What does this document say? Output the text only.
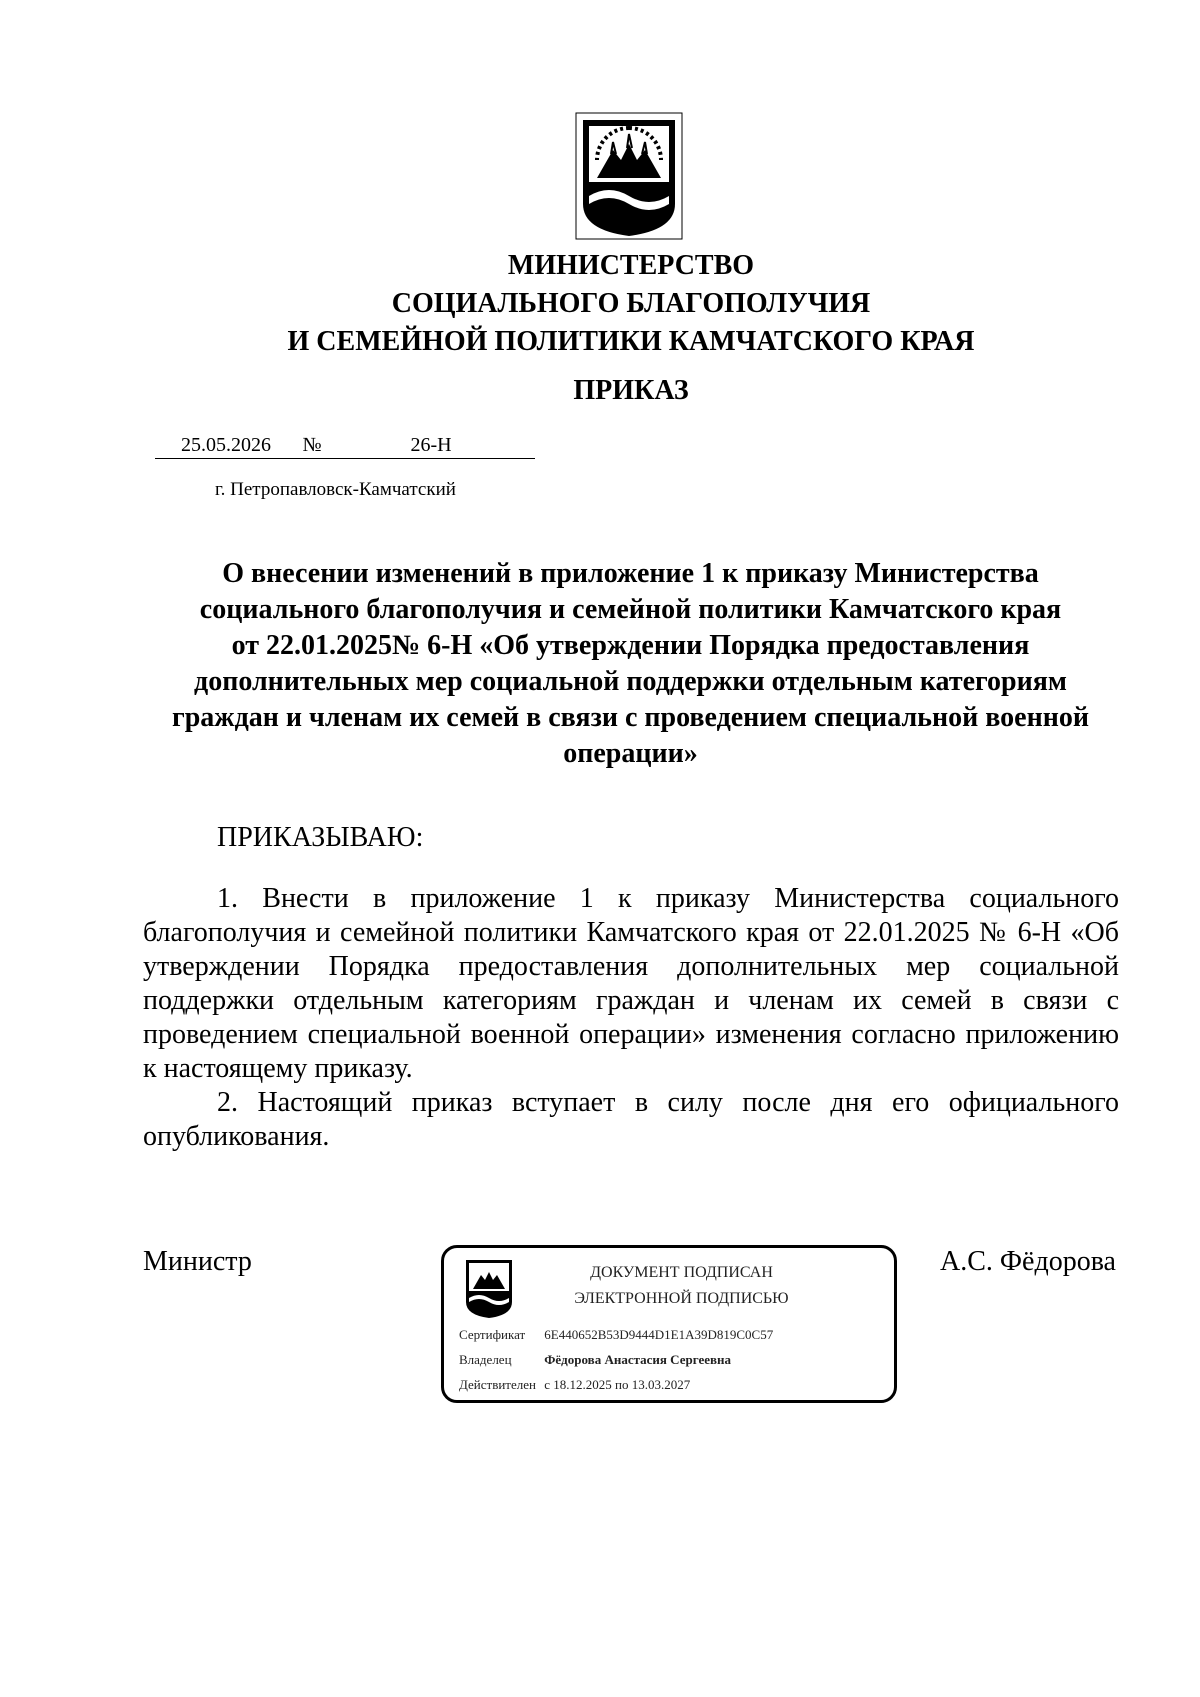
МИНИСТЕРСТВО
СОЦИАЛЬНОГО БЛАГОПОЛУЧИЯ
И СЕМЕЙНОЙ ПОЛИТИКИ КАМЧАТСКОГО КРАЯ
ПРИКАЗ
25.05.2026 №	26-Н
г. Петропавловск-Камчатский
О внесении изменений в приложение 1 к приказу Министерства
социального благополучия и семейной политики Камчатского края
от 22.01.2025№ 6-Н «Об утверждении Порядка предоставления
дополнительных мер социальной поддержки отдельным категориям
граждан и членам их семей в связи с проведением специальной военной
операции»
ПРИКАЗЫВАЮ:

1. Внести в приложение 1 к приказу Министерства социального благополучия и семейной политики Камчатского края от 22.01.2025 № 6-Н «Об утверждении Порядка предоставления дополнительных мер социальной поддержки отдельным категориям граждан и членам их семей в связи с проведением специальной военной операции» изменения согласно приложению к настоящему приказу.

2. Настоящий приказ вступает в силу после дня его официального опубликования.

Министр	ДОКУМЕНТ ПОДПИСАН
ЭЛЕКТРОННОЙ ПОДПИСЬЮ
Сертификат 6E440652B53D9444D1E1A39D819C0C57
Владелец	Фёдорова Анастасия Сергеевна
Действителен с 18.12.2025 по 13.03.2027
А.С. Фёдорова
